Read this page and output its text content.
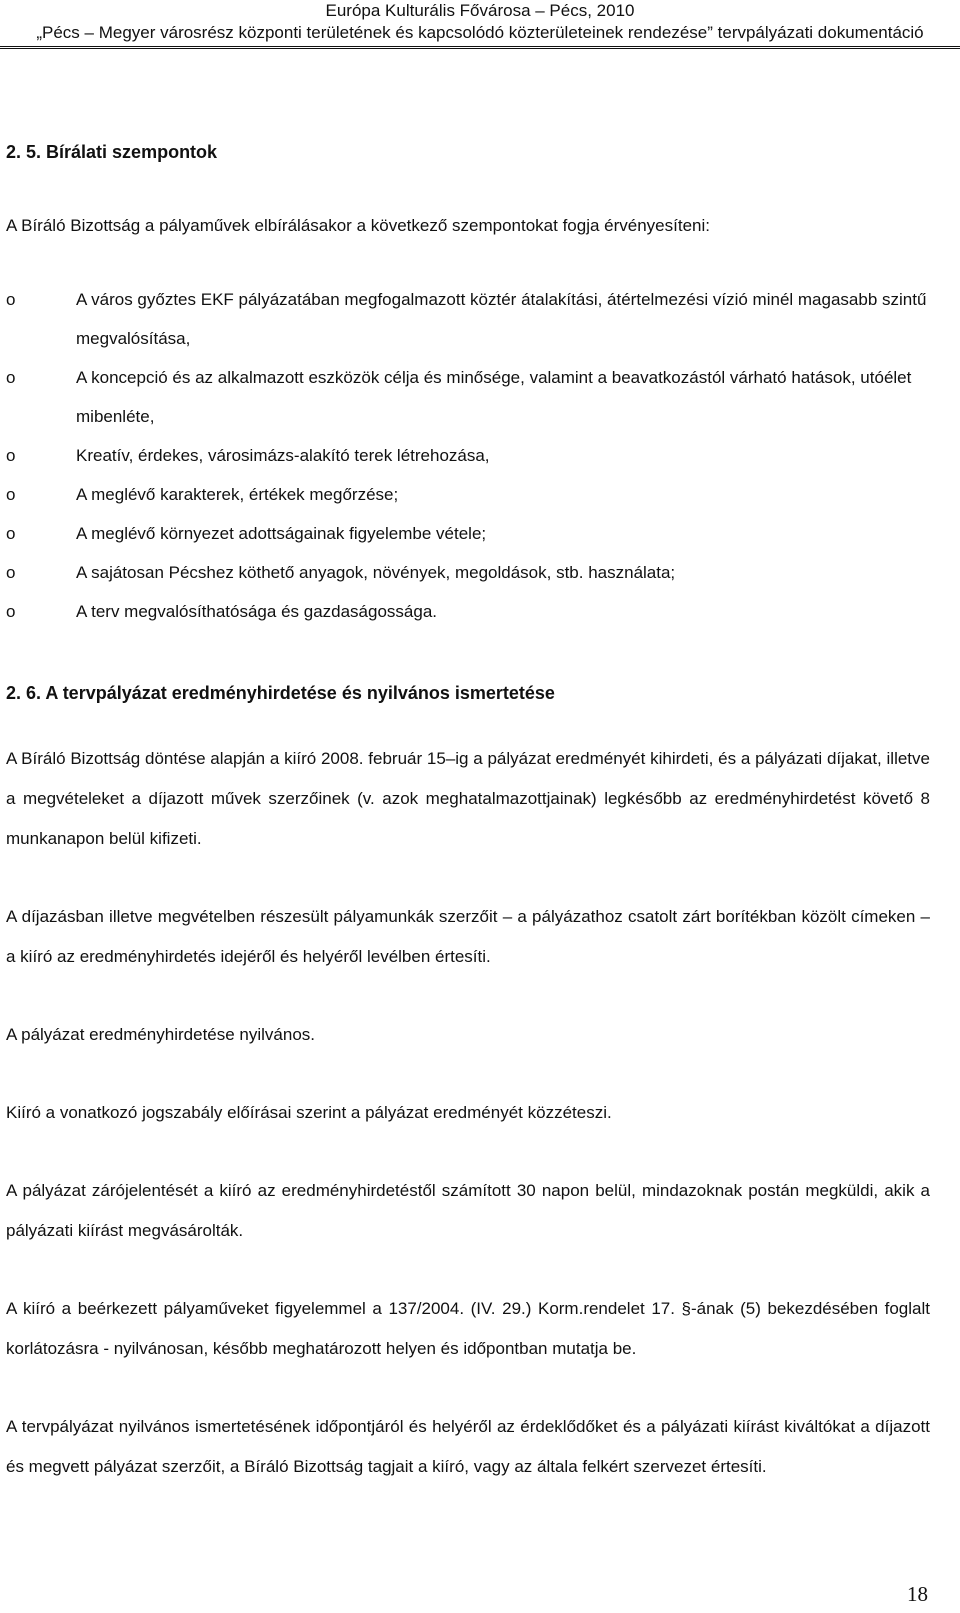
Európa Kulturális Fővárosa – Pécs, 2010
„Pécs – Megyer városrész központi területének és kapcsolódó közterületeinek rendezése” tervpályázati dokumentáció
2. 5. Bírálati szempontok

A Bíráló Bizottság a pályaművek elbírálásakor a következő szempontokat fogja érvényesíteni:

o	A város győztes EKF pályázatában megfogalmazott köztér átalakítási, átértelmezési vízió minél magasabb szintű megvalósítása,
o	A koncepció és az alkalmazott eszközök célja és minősége, valamint a beavatkozástól várható hatások, utóélet mibenléte,
o	Kreatív, érdekes, városimázs-alakító terek létrehozása,
o	A meglévő karakterek, értékek megőrzése;
o	A meglévő környezet adottságainak figyelembe vétele;
o	A sajátosan Pécshez köthető anyagok, növények, megoldások, stb. használata;
o	A terv megvalósíthatósága és gazdaságossága.
2. 6. A tervpályázat eredményhirdetése és nyilvános ismertetése

A Bíráló Bizottság döntése alapján a kiíró 2008. február 15–ig a pályázat eredményét kihirdeti, és a pályázati díjakat, illetve a megvételeket a díjazott művek szerzőinek (v. azok meghatalmazottjainak) legkésőbb az eredményhirdetést követő 8 munkanapon belül kifizeti.

A díjazásban illetve megvételben részesült pályamunkák szerzőit – a pályázathoz csatolt zárt borítékban közölt címeken – a kiíró az eredményhirdetés idejéről és helyéről levélben értesíti.

A pályázat eredményhirdetése nyilvános.

Kiíró a vonatkozó jogszabály előírásai szerint a pályázat eredményét közzéteszi.

A pályázat zárójelentését a kiíró az eredményhirdetéstől számított 30 napon belül, mindazoknak postán megküldi, akik a pályázati kiírást megvásárolták.

A kiíró a beérkezett pályaműveket figyelemmel a 137/2004. (IV. 29.) Korm.rendelet 17. §-ának (5) bekezdésében foglalt korlátozásra - nyilvánosan, később meghatározott helyen és időpontban mutatja be.

A tervpályázat nyilvános ismertetésének időpontjáról és helyéről az érdeklődőket és a pályázati kiírást kiváltókat a díjazott és megvett pályázat szerzőit, a Bíráló Bizottság tagjait a kiíró, vagy az általa felkért szervezet értesíti.

18
